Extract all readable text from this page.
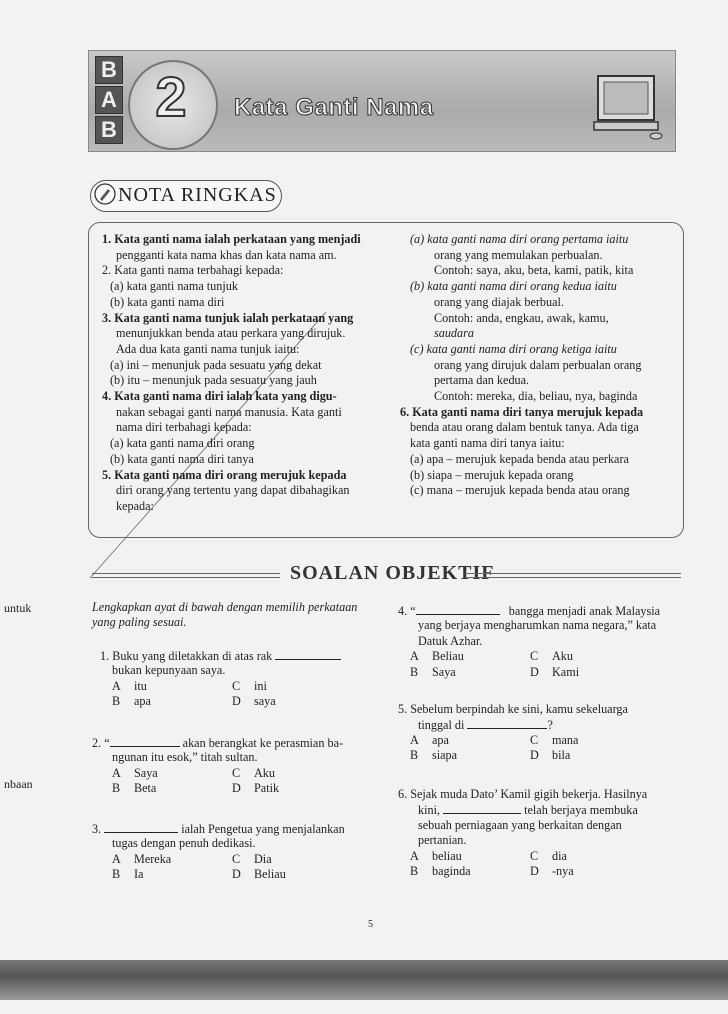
B
A
B
2	Kata Ganti Nama
NOTA RINGKAS
SOALAN OBJEKTIF
Lengkapkan ayat di bawah dengan memilih perkataan
yang paling sesuai.
1. Buku yang diletakkan di atas rak
bukan kepunyaan saya.
A itu	C ini
B apa	D saya
2. “	akan berangkat ke perasmian ba-
ngunan itu esok,” titah sultan.
A Saya	C Aku
B Beta	D Patik
3.	ialah Pengetua yang menjalankan
tugas dengan penuh dedikasi.
A Mereka	C Dia
B Ia	D Beliau
4. “	bangga menjadi anak Malaysia
yang berjaya mengharumkan nama negara,” kata
Datuk Azhar.
A Beliau	C Aku
B Saya	D Kami
5. Sebelum berpindah ke sini, kamu sekeluarga
tinggal di	?
A apa	C mana
B siapa	D bila
6. Sejak muda Dato’ Kamil gigih bekerja. Hasilnya
kini,	telah berjaya membuka
sebuah perniagaan yang berkaitan dengan
pertanian.
A beliau	C dia
B baginda	D -nya
untuk
nbaan
5
1. Kata ganti nama ialah perkataan yang menjadi
pengganti kata nama khas dan kata nama am.
2. Kata ganti nama terbahagi kepada:
(a) kata ganti nama tunjuk
(b) kata ganti nama diri
3. Kata ganti nama tunjuk ialah perkataan yang
menunjukkan benda atau perkara yang dirujuk.
Ada dua kata ganti nama tunjuk iaitu:
(a) ini – menunjuk pada sesuatu yang dekat
(b) itu – menunjuk pada sesuatu yang jauh
4. Kata ganti nama diri ialah kata yang digu-
nakan sebagai ganti nama manusia. Kata ganti
nama diri terbahagi kepada:
(a) kata ganti nama diri orang
(b) kata ganti nama diri tanya
5. Kata ganti nama diri orang merujuk kepada
diri orang yang tertentu yang dapat dibahagikan
kepada:
(a) kata ganti nama diri orang pertama iaitu
orang yang memulakan perbualan.
Contoh: saya, aku, beta, kami, patik, kita
(b) kata ganti nama diri orang kedua iaitu
orang yang diajak berbual.
Contoh: anda, engkau, awak, kamu,
saudara
(c) kata ganti nama diri orang ketiga iaitu
orang yang dirujuk dalam perbualan orang
pertama dan kedua.
Contoh: mereka, dia, beliau, nya, baginda
6. Kata ganti nama diri tanya merujuk kepada
benda atau orang dalam bentuk tanya. Ada tiga
kata ganti nama diri tanya iaitu:
(a) apa – merujuk kepada benda atau perkara
(b) siapa – merujuk kepada orang
(c) mana – merujuk kepada benda atau orang
